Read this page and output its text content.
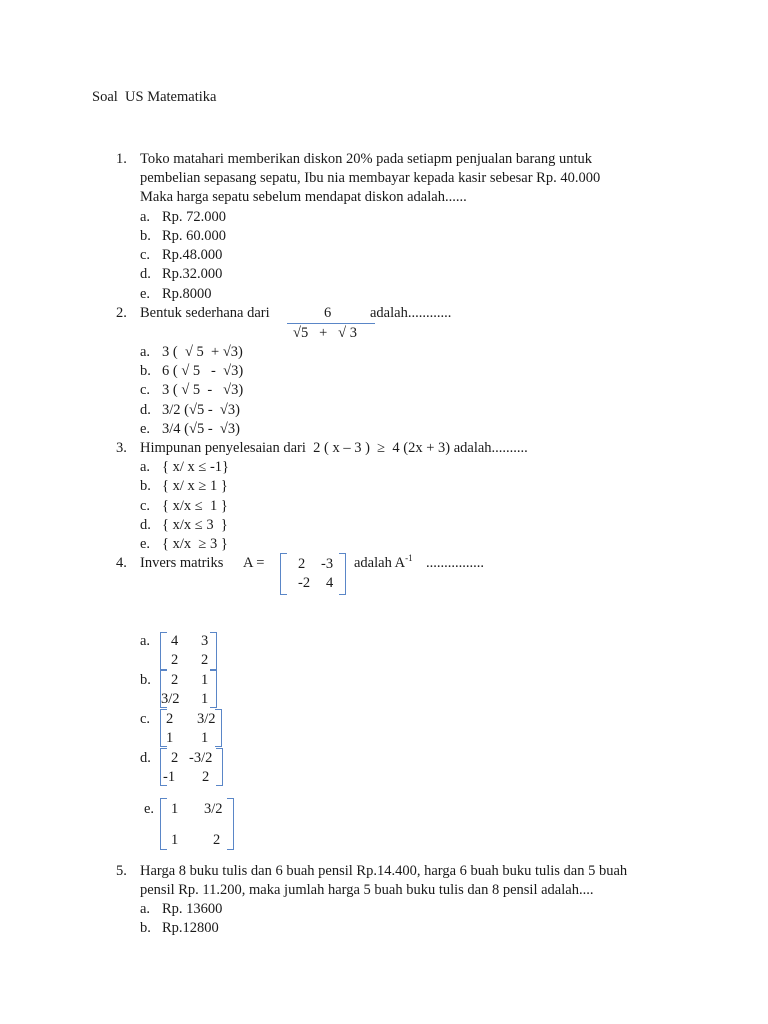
Soal  US Matematika
1. Toko matahari memberikan diskon 20% pada setiapm penjualan barang untuk
pembelian sepasang sepatu, Ibu nia membayar kepada kasir sebesar Rp. 40.000
Maka harga sepatu sebelum mendapat diskon adalah......
a. Rp. 72.000
b. Rp. 60.000
c. Rp.48.000
d. Rp.32.000
e. Rp.8000
2. Bentuk sederhana dari	6	adalah............
√5   +   √ 3
a. 3 (  √ 5  + √3)
b. 6 ( √ 5   -  √3)
c. 3 ( √ 5  -   √3)
d. 3/2 (√5 -  √3)
e. 3/4 (√5 -  √3)
3. Himpunan penyelesaian dari  2 ( x – 3 )  ≥  4 (2x + 3) adalah..........
a. { x/ x ≤ -1}
b. { x/ x ≥ 1 }
c. { x/x ≤  1 }
d. { x/x ≤ 3  }
e. { x/x  ≥ 3 }
4. Invers matriks A = 2 -3
-2 4
adalah $A^{-1}$ ................
a. 4 3
2 2
b. 2 1
3/2 1
c. 2 3/2
1 1
d. 2 -3/2
-1 2
e. 1 3/2
1 2
5. Harga 8 buku tulis dan 6 buah pensil Rp.14.400, harga 6 buah buku tulis dan 5 buah
pensil Rp. 11.200, maka jumlah harga 5 buah buku tulis dan 8 pensil adalah....
a. Rp. 13600
b. Rp.12800
